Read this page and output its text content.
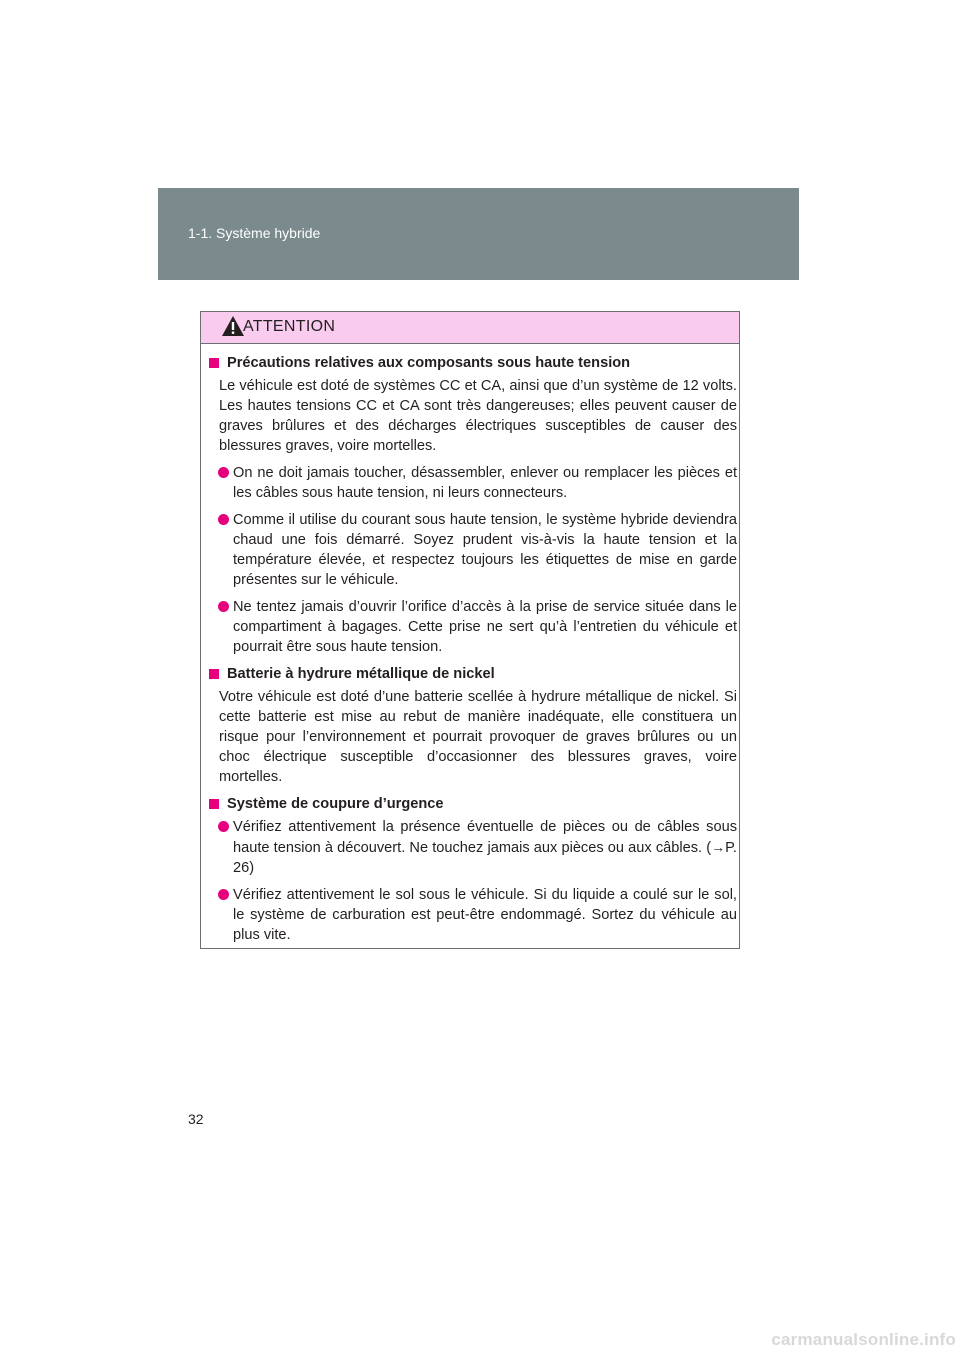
1-1. Système hybride
ATTENTION
Précautions relatives aux composants sous haute tension
Le véhicule est doté de systèmes CC et CA, ainsi que d’un système de 12 volts. Les hautes tensions CC et CA sont très dangereuses; elles peuvent causer de graves brûlures et des décharges électriques susceptibles de causer des blessures graves, voire mortelles.
On ne doit jamais toucher, désassembler, enlever ou remplacer les pièces et les câbles sous haute tension, ni leurs connecteurs.
Comme il utilise du courant sous haute tension, le système hybride deviendra chaud une fois démarré. Soyez prudent vis-à-vis la haute tension et la température élevée, et respectez toujours les étiquettes de mise en garde présentes sur le véhicule.
Ne tentez jamais d’ouvrir l’orifice d’accès à la prise de service située dans le compartiment à bagages. Cette prise ne sert qu’à l’entretien du véhicule et pourrait être sous haute tension.
Batterie à hydrure métallique de nickel
Votre véhicule est doté d’une batterie scellée à hydrure métallique de nickel. Si cette batterie est mise au rebut de manière inadéquate, elle constituera un risque pour l’environnement et pourrait provoquer de graves brûlures ou un choc électrique susceptible d’occasionner des blessures graves, voire mortelles.
Système de coupure d’urgence
Vérifiez attentivement la présence éventuelle de pièces ou de câbles sous haute tension à découvert. Ne touchez jamais aux pièces ou aux câbles. (→P. 26)
Vérifiez attentivement le sol sous le véhicule. Si du liquide a coulé sur le sol, le système de carburation est peut-être endommagé. Sortez du véhicule au plus vite.
32
carmanualsonline.info
